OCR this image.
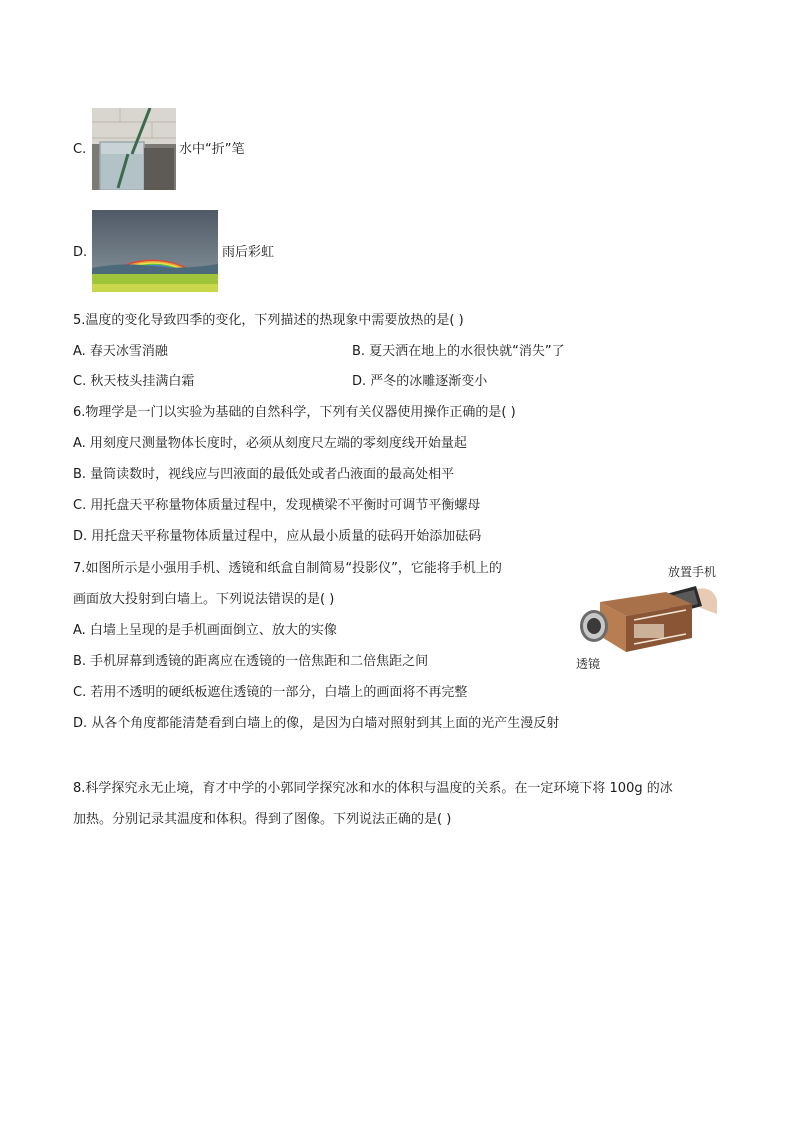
C.	水中“折”笔
D.	雨后彩虹
5.温度的变化导致四季的变化，下列描述的热现象中需要放热的是( )
A. 春天冰雪消融	B. 夏天洒在地上的水很快就“消失”了
C. 秋天枝头挂满白霜	D. 严冬的冰雕逐渐变小
6.物理学是一门以实验为基础的自然科学，下列有关仪器使用操作正确的是( )
A. 用刻度尺测量物体长度时，必须从刻度尺左端的零刻度线开始量起
B. 量筒读数时，视线应与凹液面的最低处或者凸液面的最高处相平
C. 用托盘天平称量物体质量过程中，发现横梁不平衡时可调节平衡螺母
D. 用托盘天平称量物体质量过程中，应从最小质量的砝码开始添加砝码
7.如图所示是小强用手机、透镜和纸盒自制简易“投影仪”，它能将手机上的
画面放大投射到白墙上。下列说法错误的是( )
A. 白墙上呈现的是手机画面倒立、放大的实像
B. 手机屏幕到透镜的距离应在透镜的一倍焦距和二倍焦距之间
C. 若用不透明的硬纸板遮住透镜的一部分，白墙上的画面将不再完整
D. 从各个角度都能清楚看到白墙上的像，是因为白墙对照射到其上面的光产生漫反射
放置手机
透镜
8.科学探究永无止境，育才中学的小郭同学探究冰和水的体积与温度的关系。在一定环境下将 100g 的冰
加热。分别记录其温度和体积。得到了图像。下列说法正确的是( )
